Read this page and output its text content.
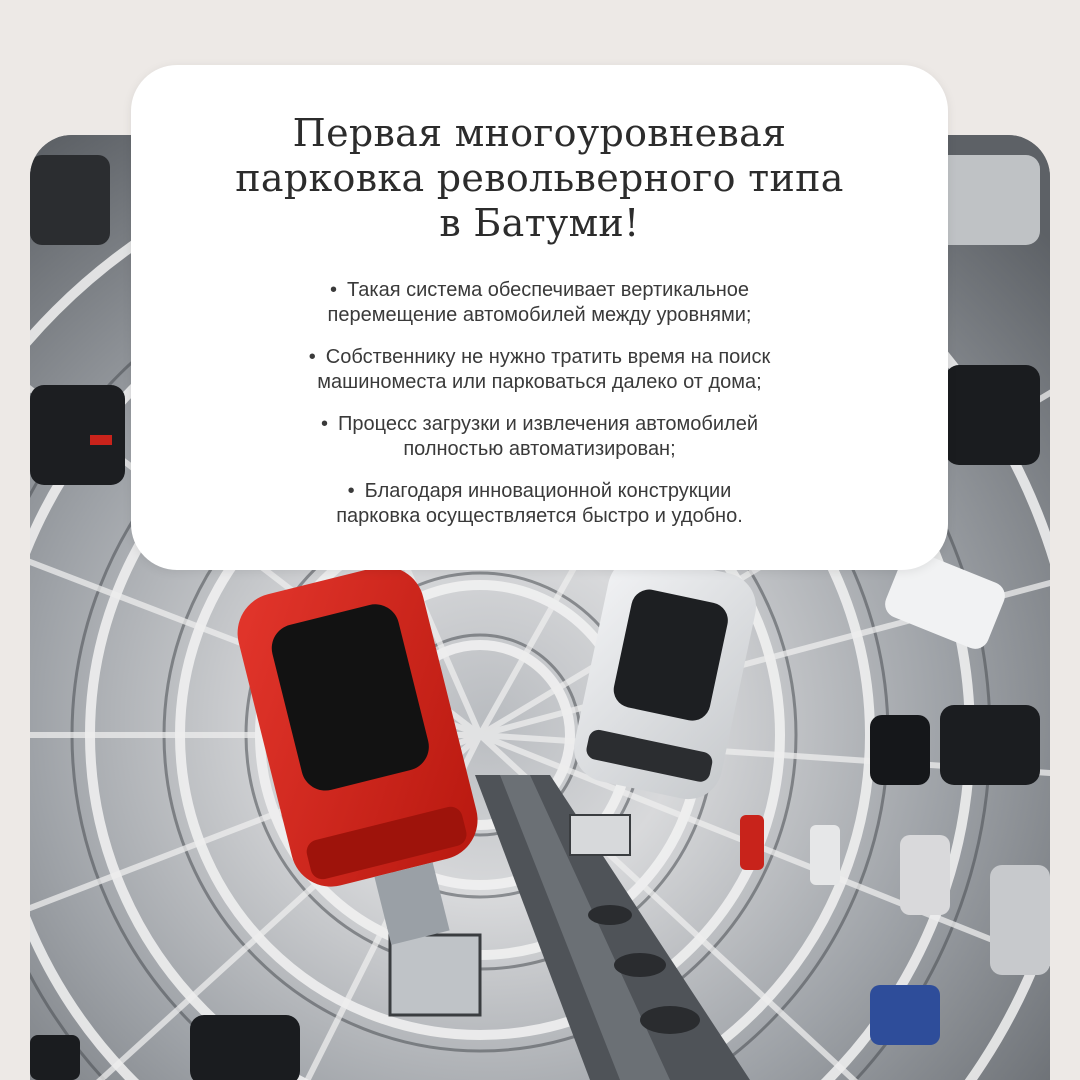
Первая многоуровневая
парковка револьверного типа
в Батуми!
• Такая система обеспечивает вертикальное
перемещение автомобилей между уровнями;
• Собственнику не нужно тратить время на поиск
машиноместа или парковаться далеко от дома;
• Процесс загрузки и извлечения автомобилей
полностью автоматизирован;
• Благодаря инновационной конструкции
парковка осуществляется быстро и удобно.
